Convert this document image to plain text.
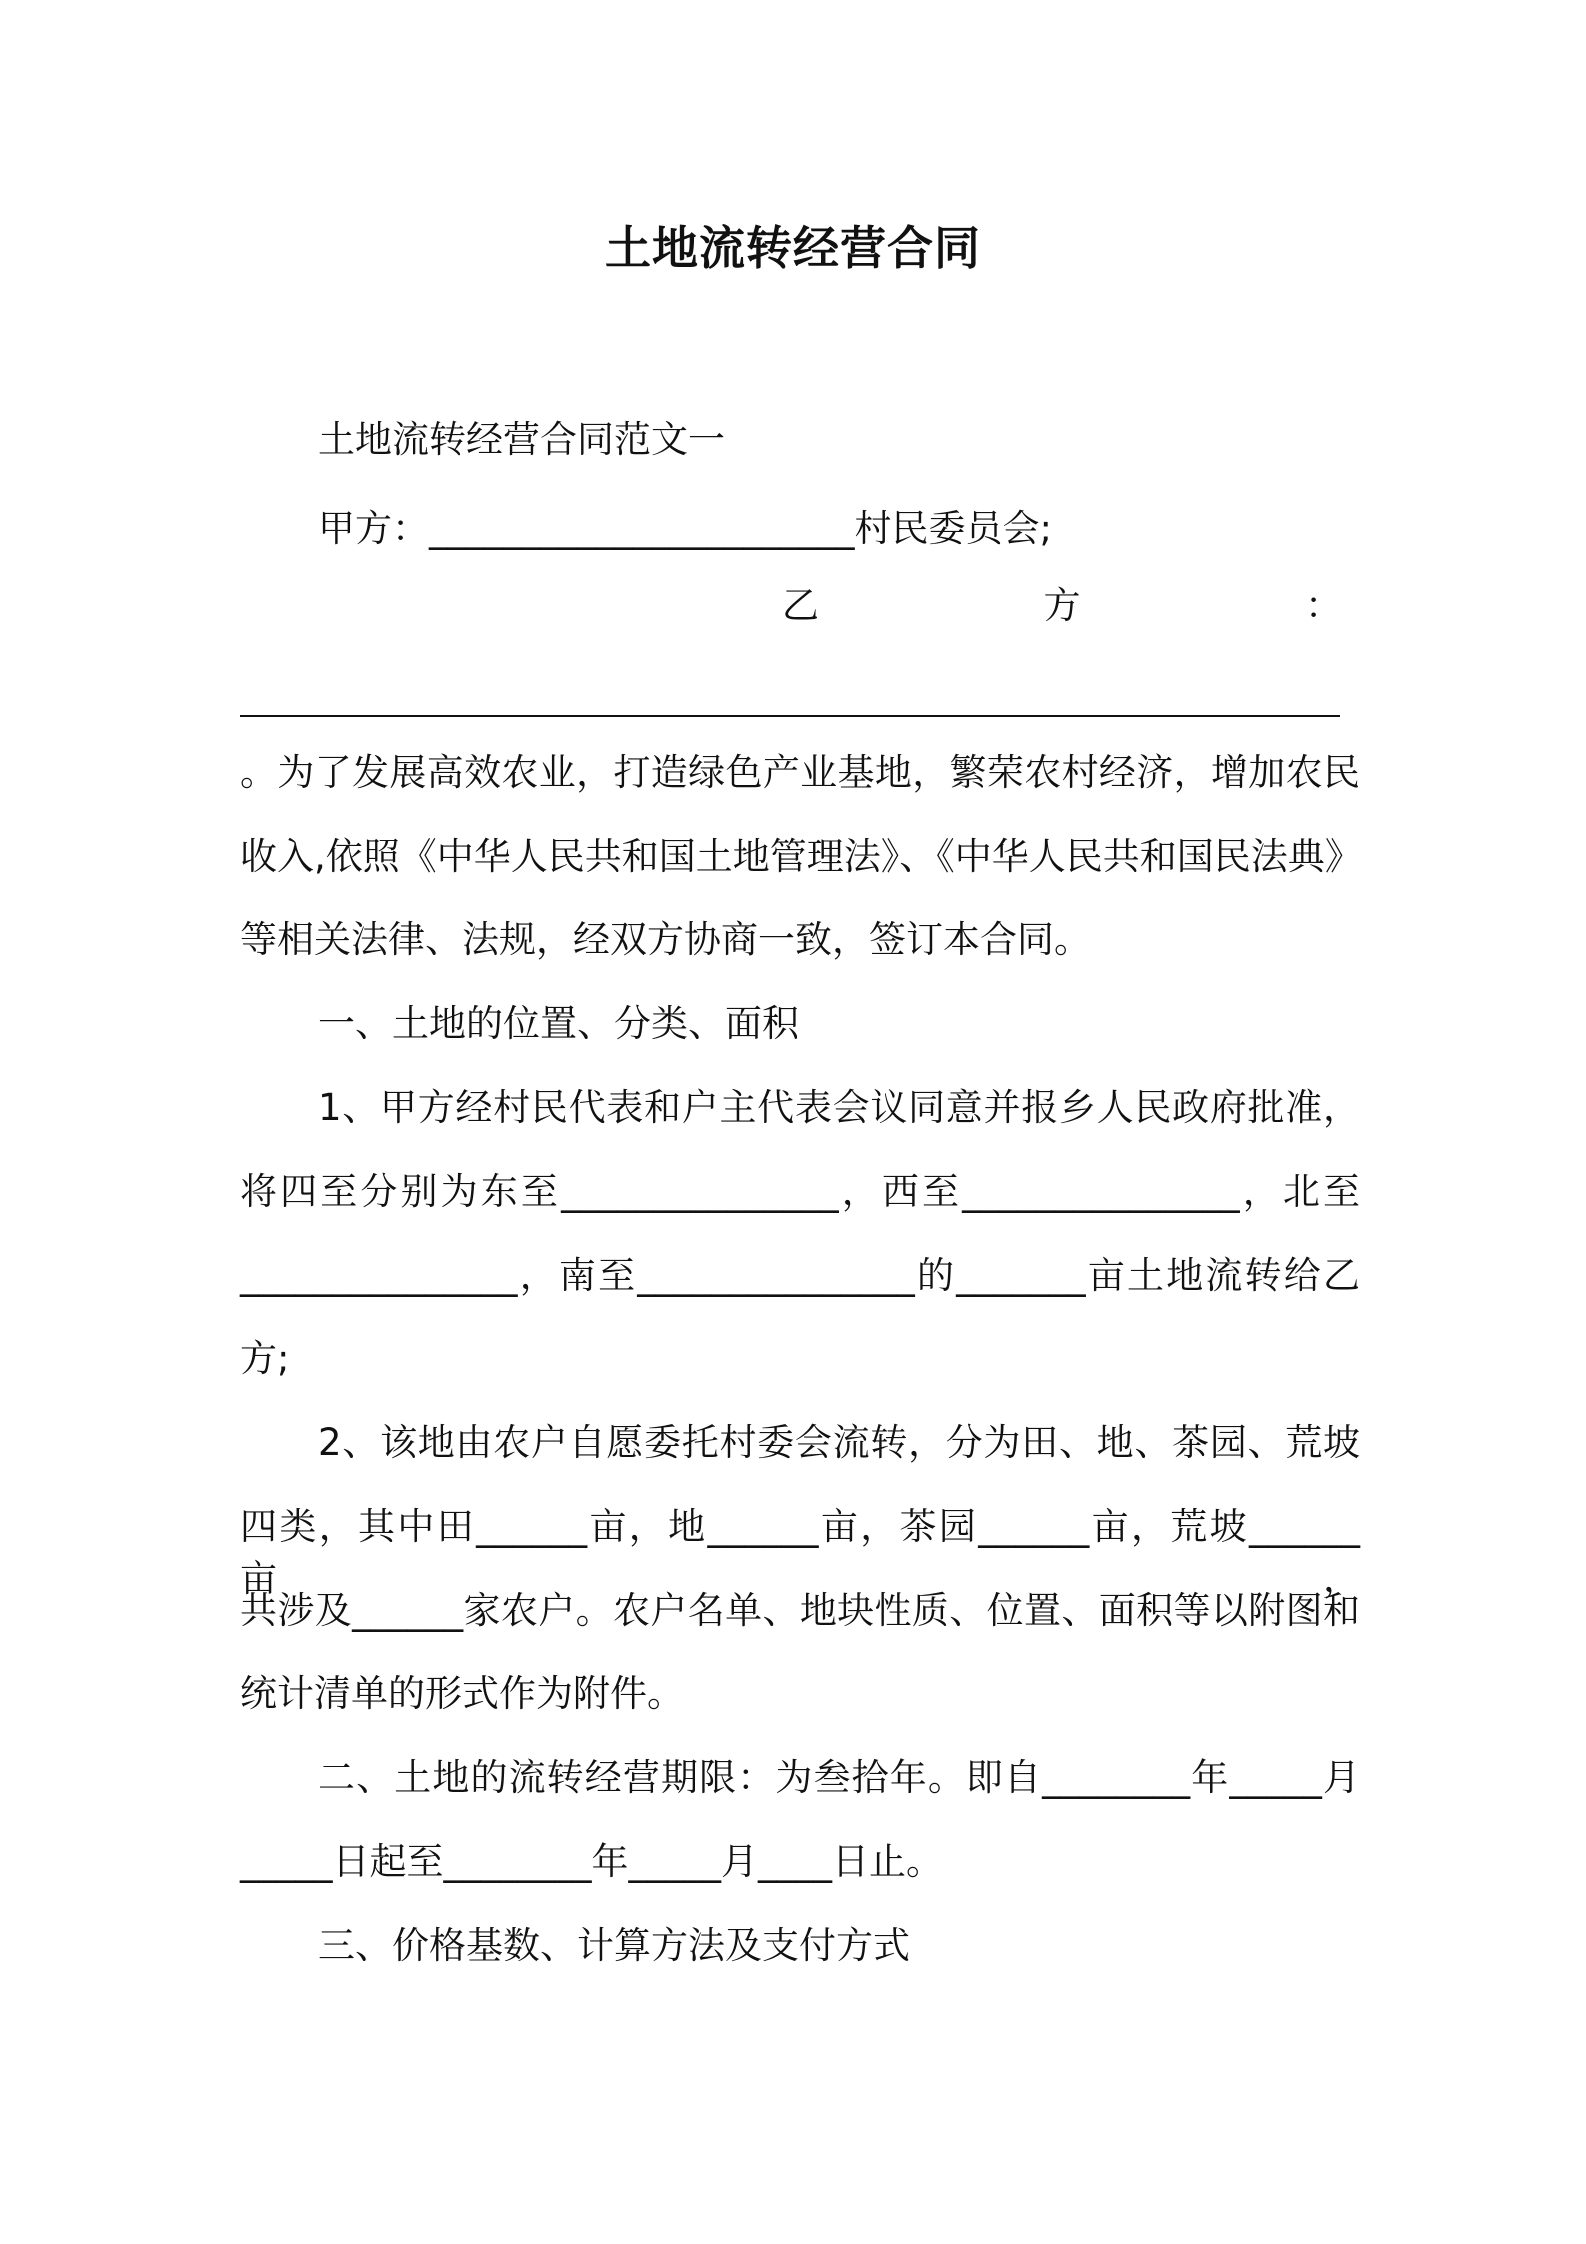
土地流转经营合同
土地流转经营合同范文一
甲方：_______________________村民委员会;
乙	方	：
。为了发展高效农业，打造绿色产业基地，繁荣农村经济，增加农民
收入,依照《中华人民共和国土地管理法》、《中华人民共和国民法典》
等相关法律、法规，经双方协商一致，签订本合同。
一、土地的位置、分类、面积
1、甲方经村民代表和户主代表会议同意并报乡人民政府批准，
将四至分别为东至_______________，西至_______________，北至
_______________，南至_______________的_______亩土地流转给乙
方;
2、该地由农户自愿委托村委会流转，分为田、地、茶园、荒坡
四类，其中田______亩，地______亩，茶园______亩，荒坡______亩，
共涉及______家农户。农户名单、地块性质、位置、面积等以附图和
统计清单的形式作为附件。
二、土地的流转经营期限：为叁拾年。即自________年_____月
_____日起至________年_____月____日止。
三、价格基数、计算方法及支付方式
